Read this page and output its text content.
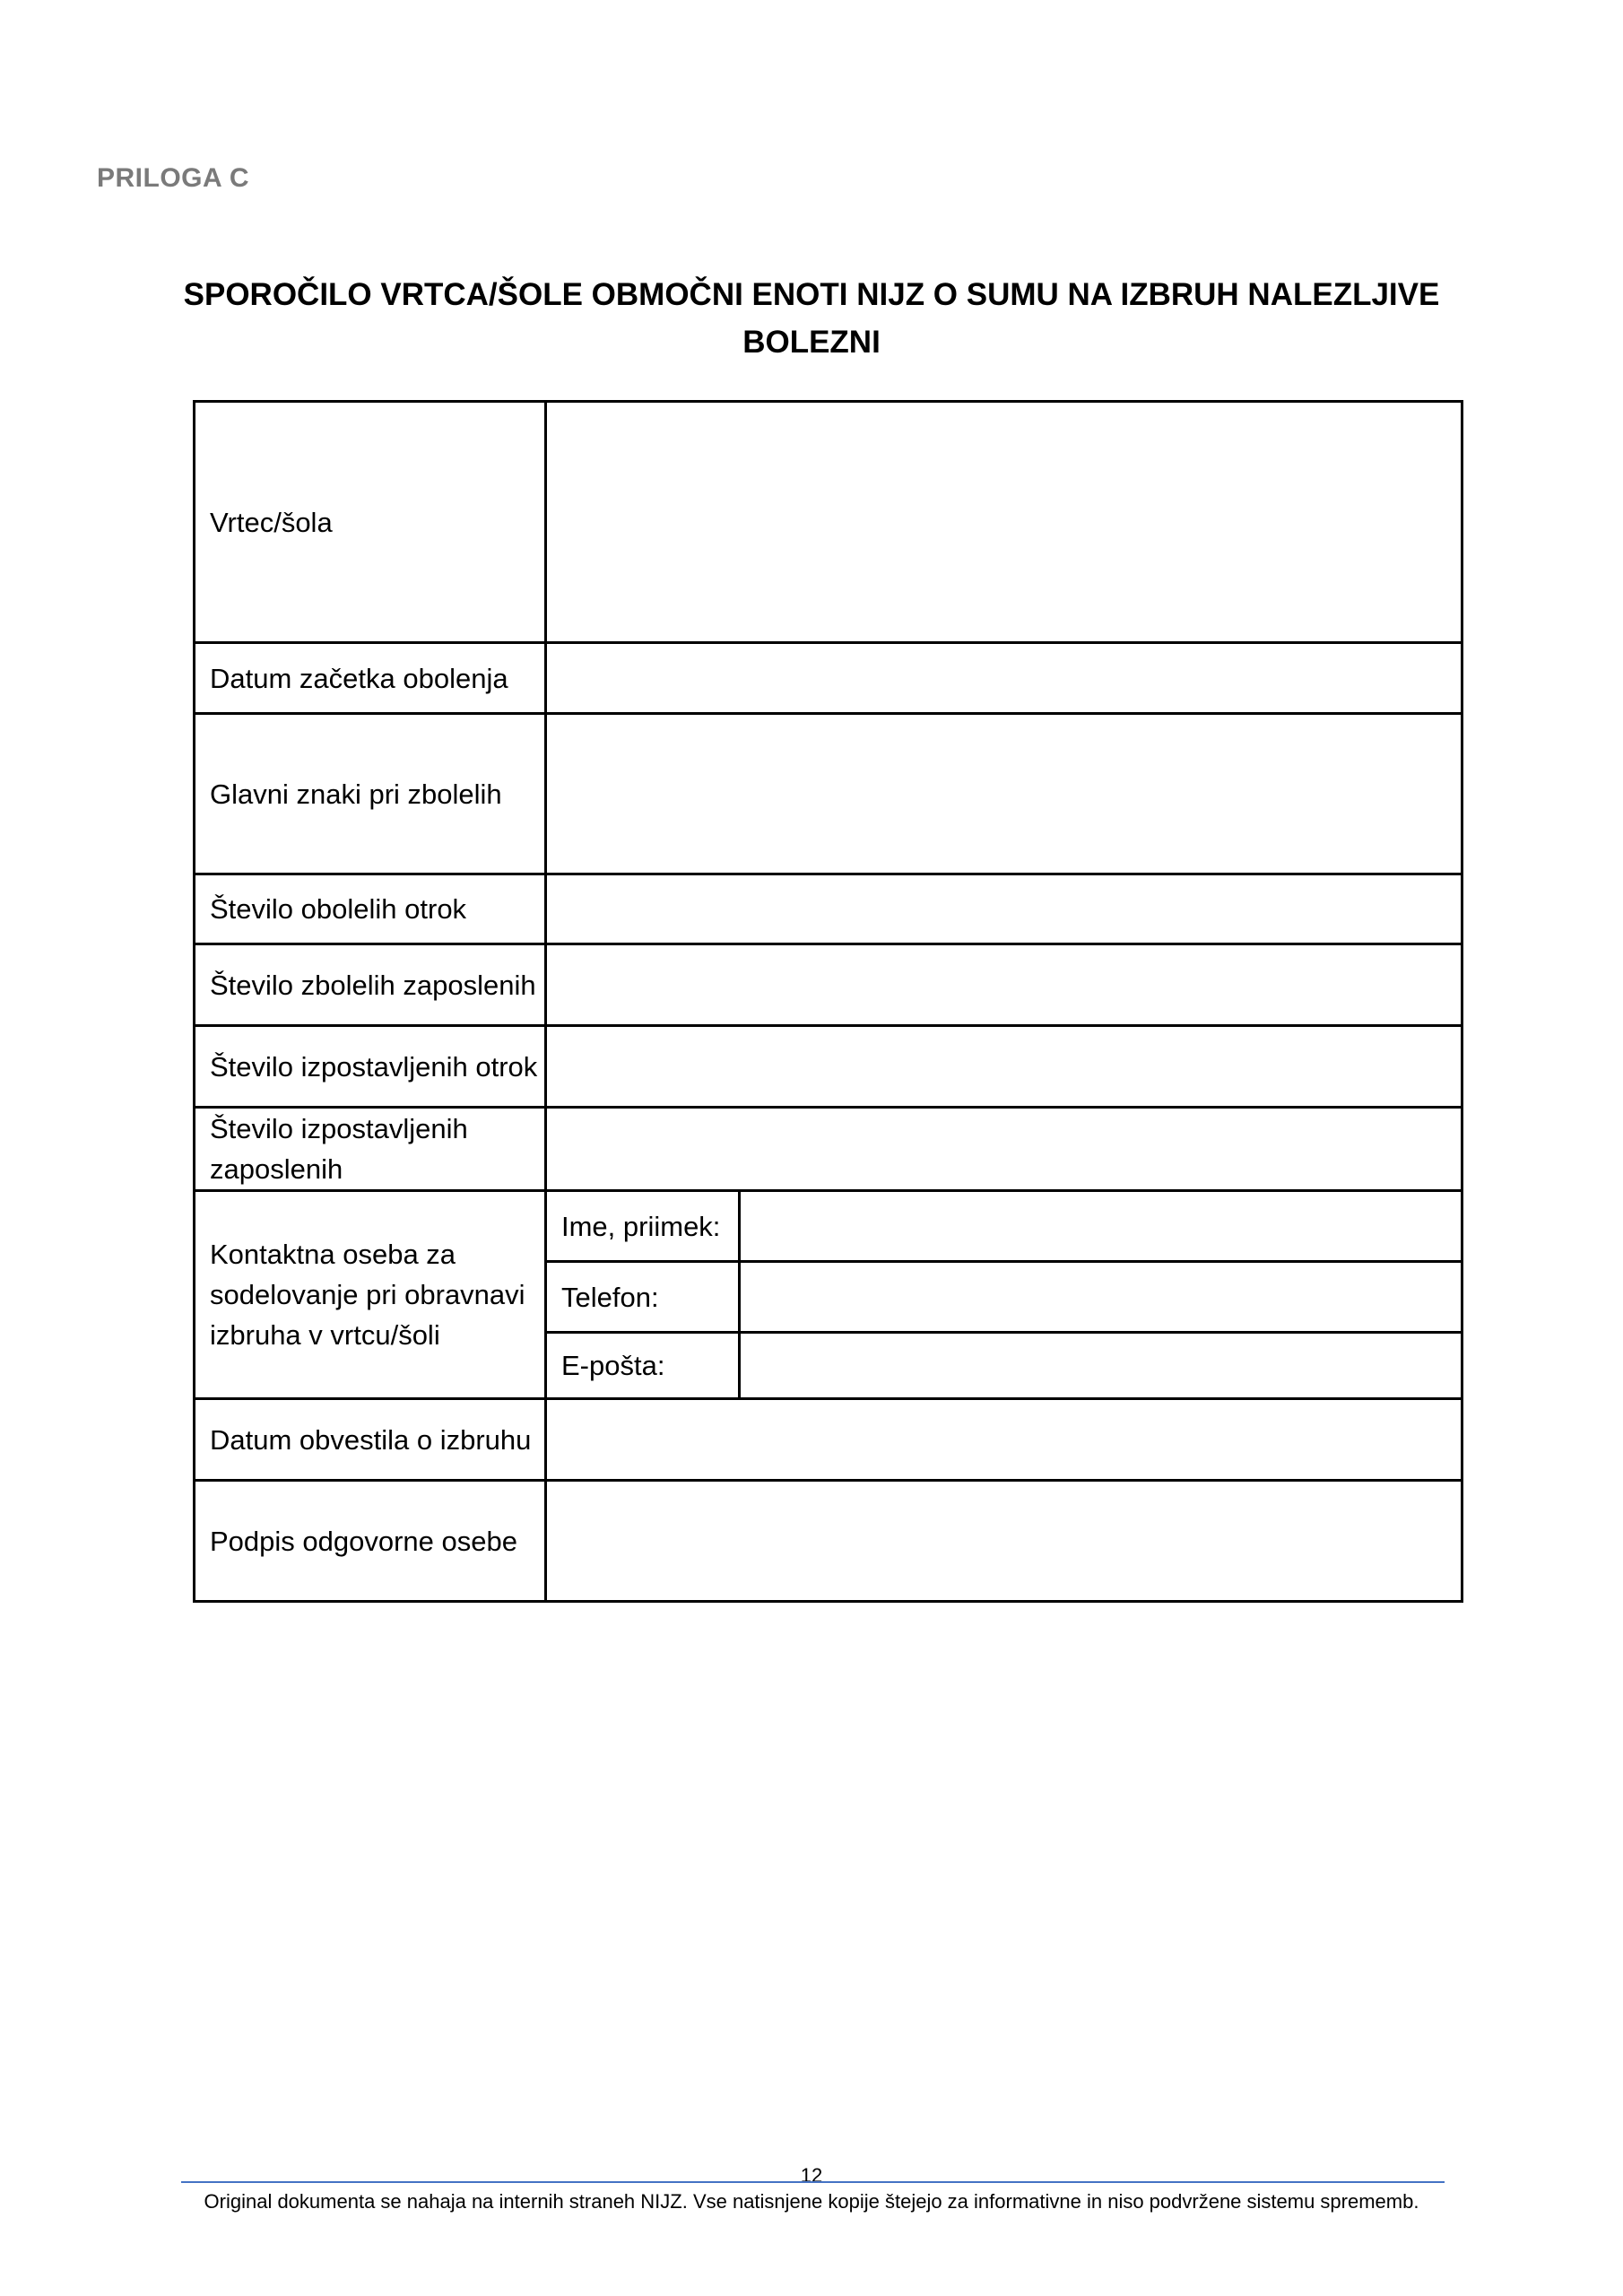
PRILOGA C
SPOROČILO VRTCA/ŠOLE OBMOČNI ENOTI NIJZ O SUMU NA IZBRUH NALEZLJIVE BOLEZNI
Vrtec/šola		
Datum začetka obolenja		
Glavni znaki pri zbolelih		
Število obolelih otrok		
Število zbolelih zaposlenih		
Število izpostavljenih otrok		
Število izpostavljenih zaposlenih		
Kontaktna oseba za sodelovanje pri obravnavi izbruha v vrtcu/šoli	Ime, priimek:	
	Telefon:	
	E-pošta:	
Datum obvestila o izbruhu		
Podpis odgovorne osebe		
12
Original dokumenta se nahaja na internih straneh NIJZ. Vse natisnjene kopije štejejo za informativne in niso podvržene sistemu sprememb.
